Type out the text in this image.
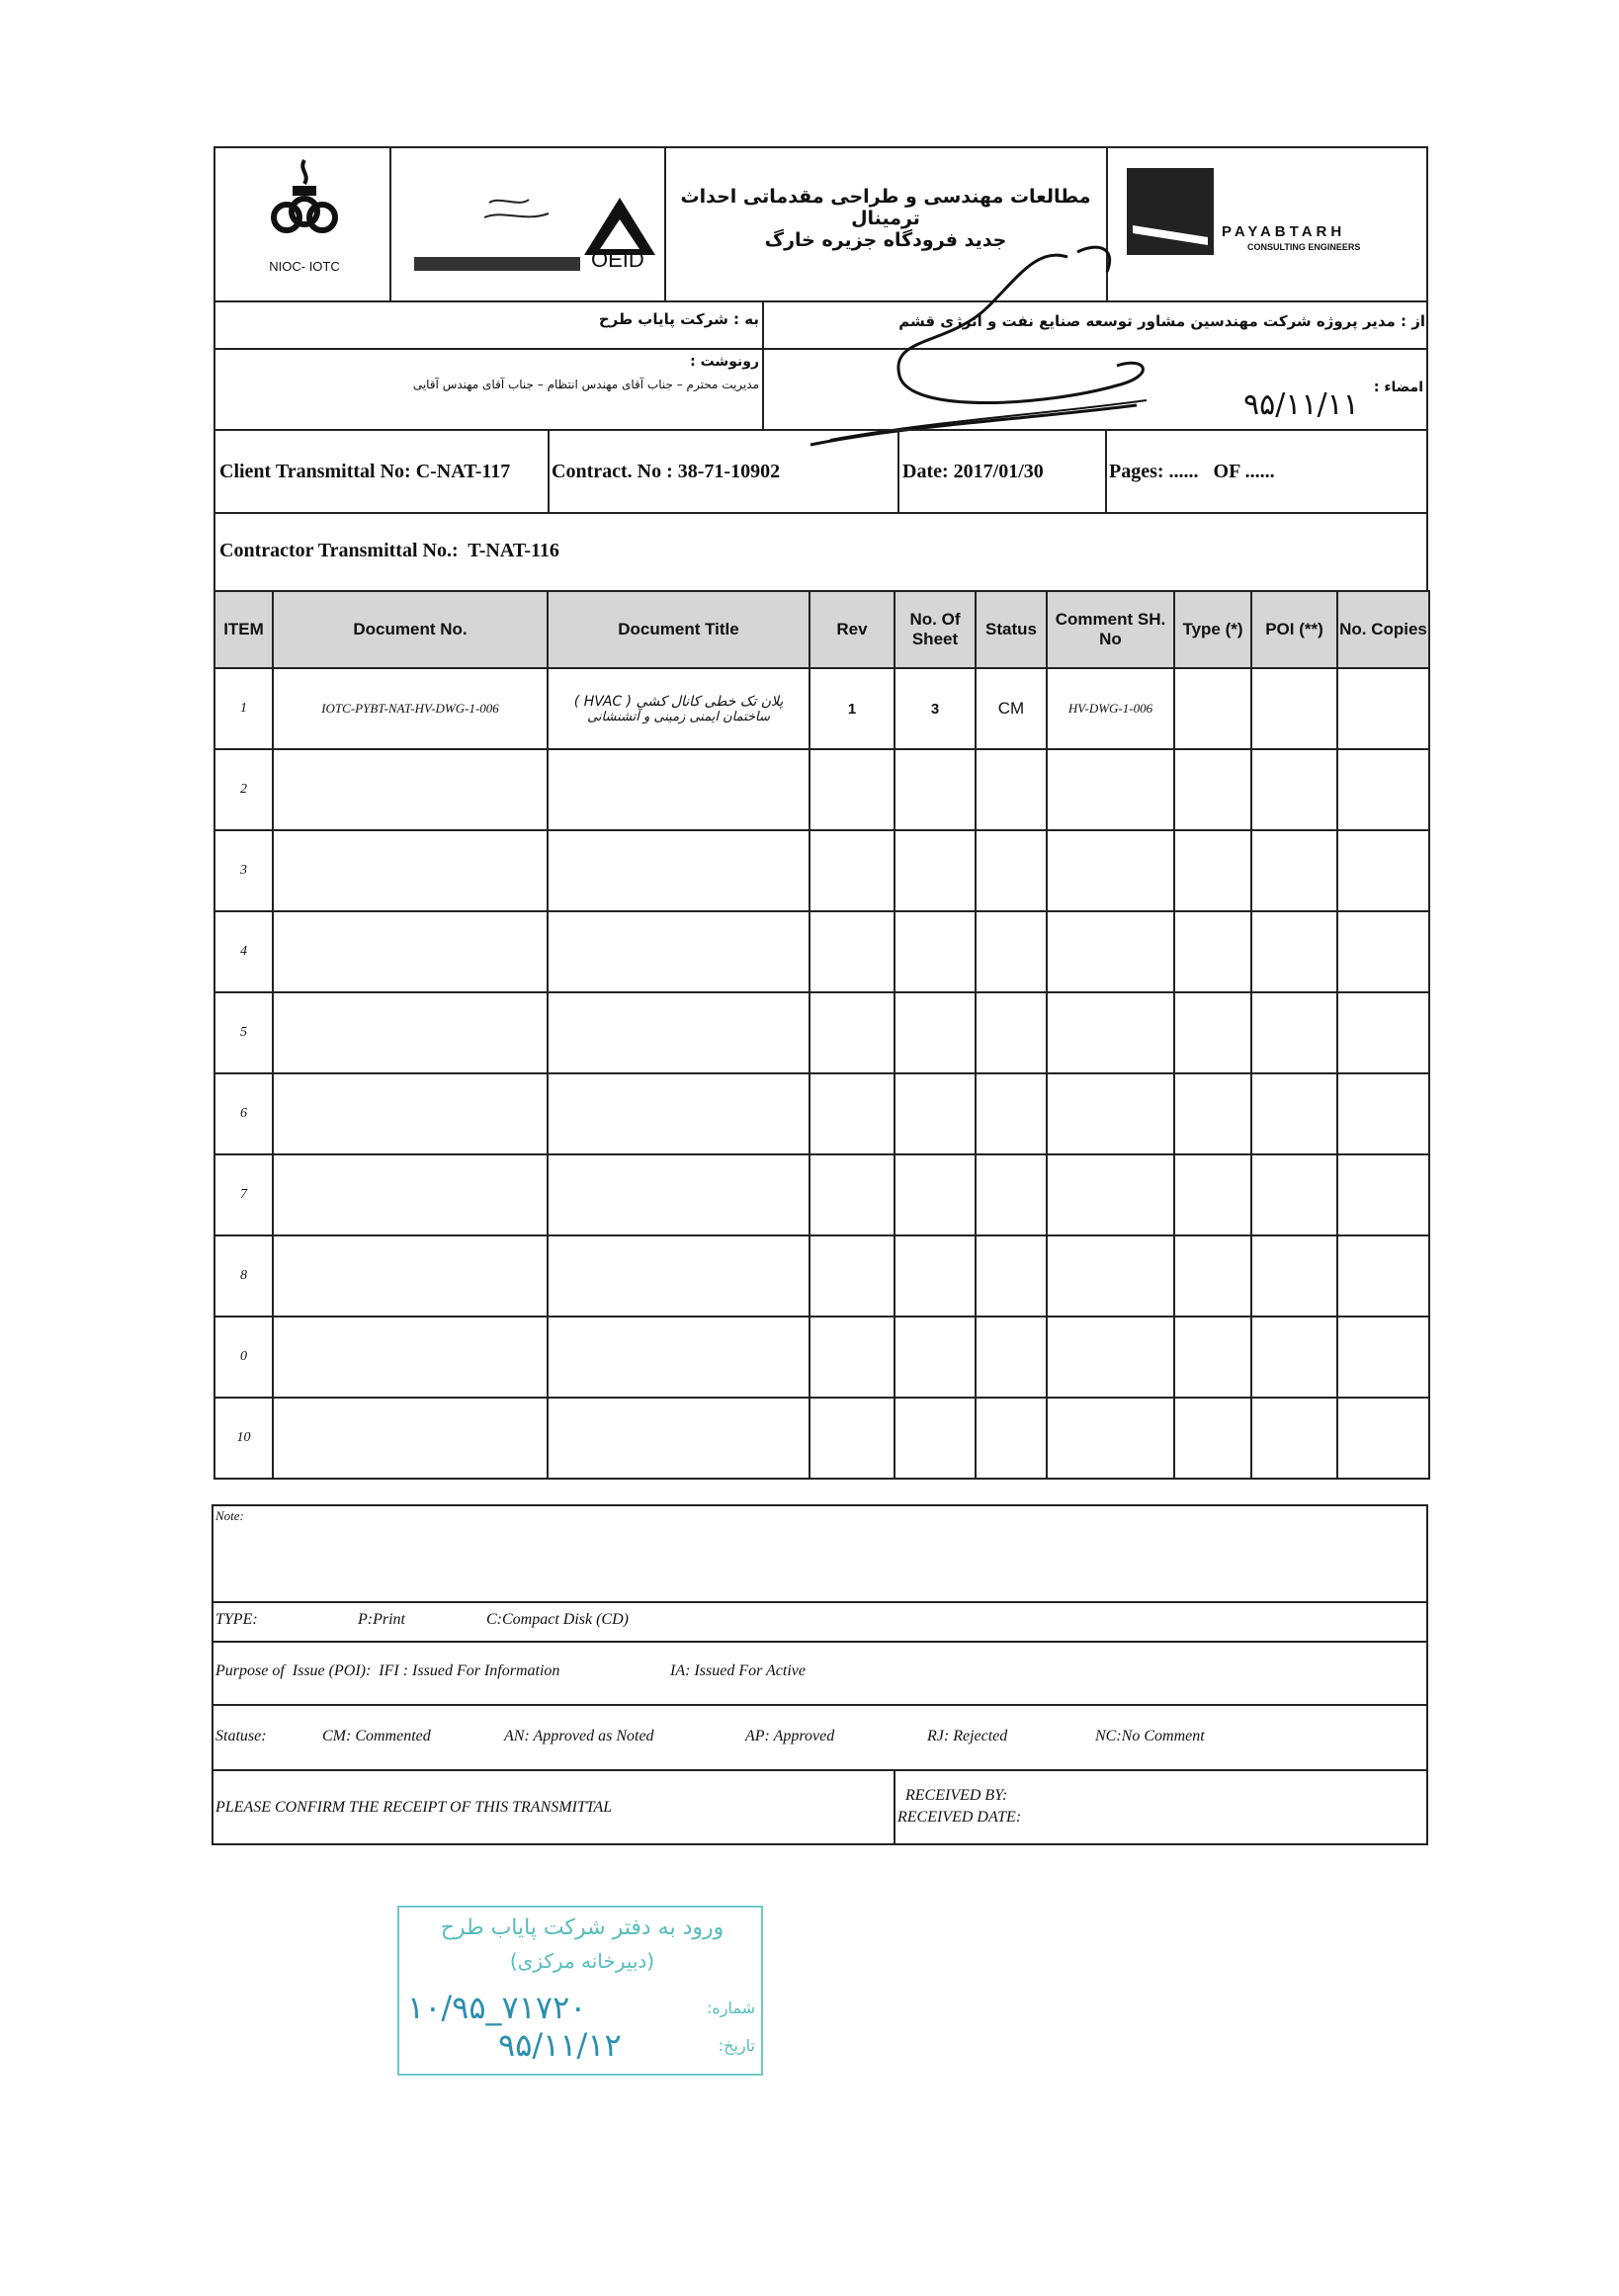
NIOC- IOTC	OEID
مطالعات مهندسی و طراحی مقدماتی احداث ترمینال
جدید فرودگاه جزیره خارگ	PAYABTARH
CONSULTING ENGINEERS
به : شرکت پایاب طرح	از : مدیر پروژه شرکت مهندسین مشاور توسعه صنایع نفت و انرژی قشم
رونوشت :
مدیریت محترم – جناب آقای مهندس انتظام – جناب آقای مهندس آقایی	امضاء :
۹۵/۱۱/۱۱
Client Transmittal No: C-NAT-117 Contract. No : 38-71-10902	Date: 2017/01/30	Pages: ......   OF ......
Contractor Transmittal No.:  T-NAT-116
ITEM	Document No.	Document Title	Rev	No. Of Sheet	Status	Comment SH. No	Type (*)	POI (**)	No. Copies
1	IOTC-PYBT-NAT-HV-DWG-1-006	پلان تک خطی کانال کشی ( HVAC )
ساختمان ایمنی زمینی و آتشنشانی	1	3	CM	HV-DWG-1-006			
2									
3									
4									
5									
6									
7									
8									
0									
10									
Note:
TYPE:	P:Print	C:Compact Disk (CD)
Purpose of  Issue (POI):  IFI : Issued For Information	IA: Issued For Active
Statuse:	CM: Commented	AN: Approved as Noted	AP: Approved	RJ: Rejected	NC:No Comment
PLEASE CONFIRM THE RECEIPT OF THIS TRANSMITTAL
RECEIVED BY:
RECEIVED DATE:
ورود به دفتر شرکت پایاب طرح
(دبیرخانه مرکزی)
شماره:
۱۰/۹۵_۷۱۷۲۰
تاریخ:
۹۵/۱۱/۱۲
